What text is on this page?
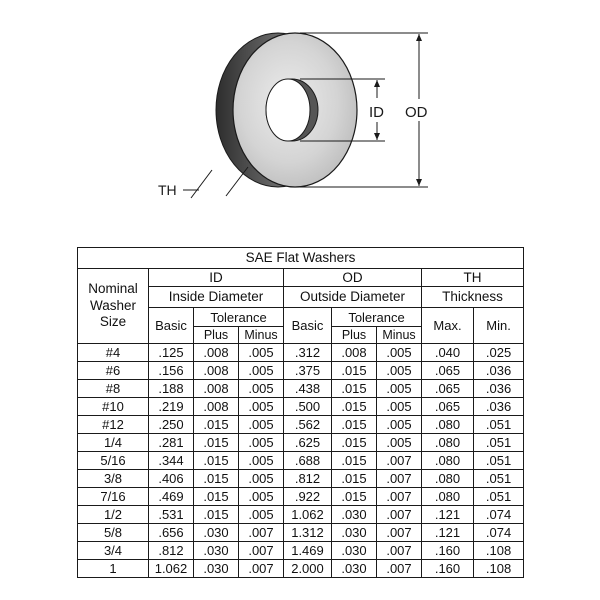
ID OD
TH
SAE Flat Washers								
Nominal Washer Size	ID			OD			TH	
	Inside Diameter			Outside Diameter			Thickness	
	Basic	Tolerance		Basic	Tolerance		Max.	Min.
		Plus	Minus		Plus	Minus		
#4	.125	.008	.005	.312	.008	.005	.040	.025
#6	.156	.008	.005	.375	.015	.005	.065	.036
#8	.188	.008	.005	.438	.015	.005	.065	.036
#10	.219	.008	.005	.500	.015	.005	.065	.036
#12	.250	.015	.005	.562	.015	.005	.080	.051
1/4	.281	.015	.005	.625	.015	.005	.080	.051
5/16	.344	.015	.005	.688	.015	.007	.080	.051
3/8	.406	.015	.005	.812	.015	.007	.080	.051
7/16	.469	.015	.005	.922	.015	.007	.080	.051
1/2	.531	.015	.005	1.062	.030	.007	.121	.074
5/8	.656	.030	.007	1.312	.030	.007	.121	.074
3/4	.812	.030	.007	1.469	.030	.007	.160	.108
1	1.062	.030	.007	2.000	.030	.007	.160	.108
